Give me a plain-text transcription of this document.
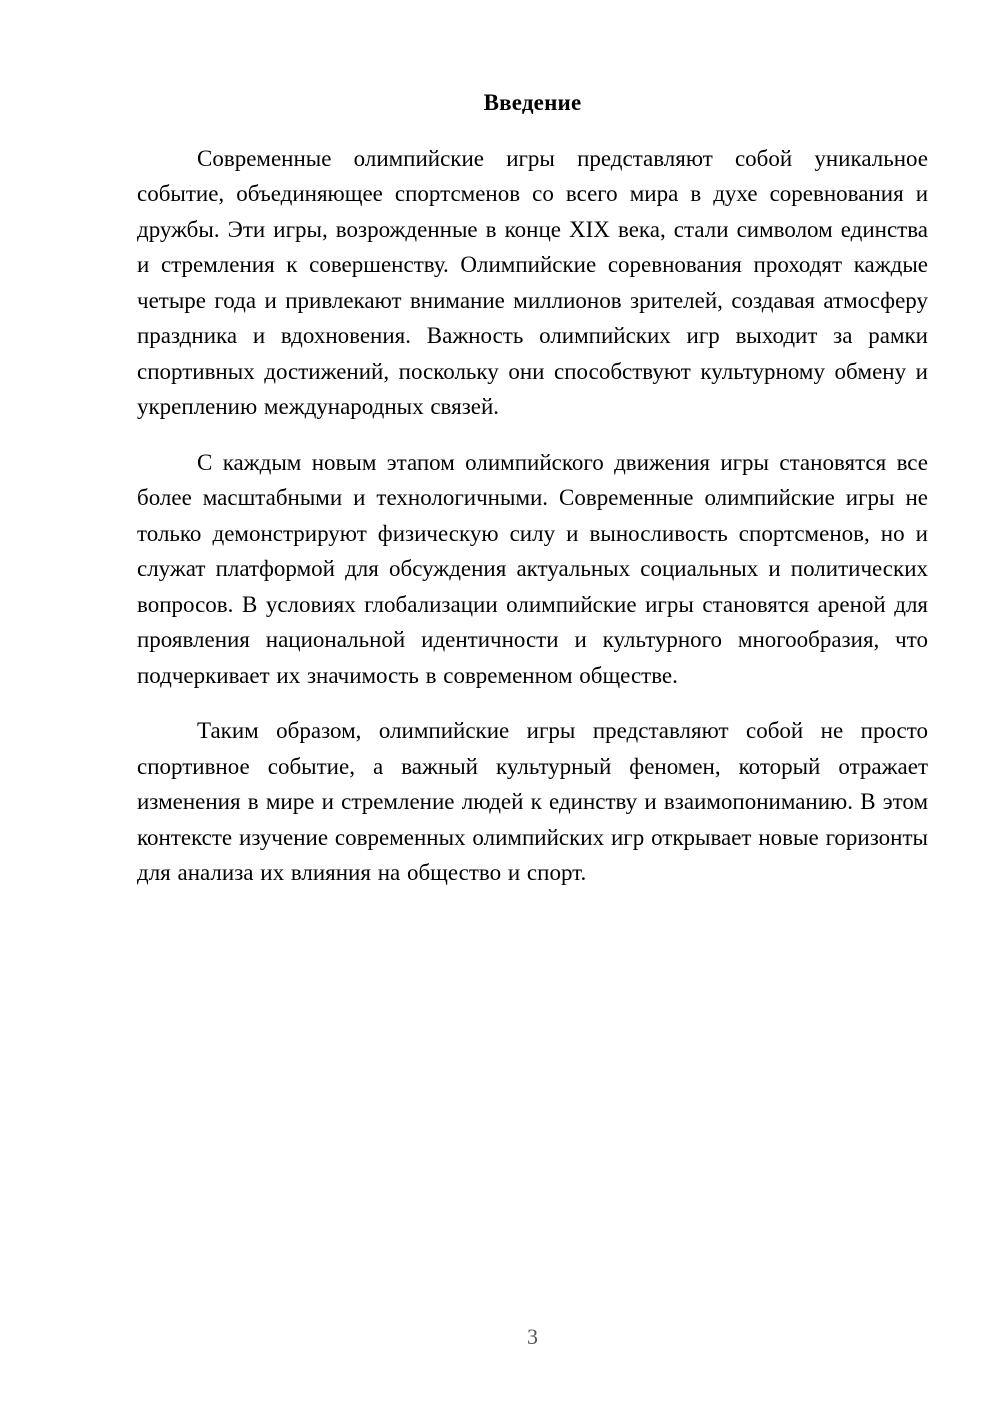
Введение

Современные олимпийские игры представляют собой уникальное событие, объединяющее спортсменов со всего мира в духе соревнования и дружбы. Эти игры, возрожденные в конце XIX века, стали символом единства и стремления к совершенству. Олимпийские соревнования проходят каждые четыре года и привлекают внимание миллионов зрителей, создавая атмосферу праздника и вдохновения. Важность олимпийских игр выходит за рамки спортивных достижений, поскольку они способствуют культурному обмену и укреплению международных связей.

С каждым новым этапом олимпийского движения игры становятся все более масштабными и технологичными. Современные олимпийские игры не только демонстрируют физическую силу и выносливость спортсменов, но и служат платформой для обсуждения актуальных социальных и политических вопросов. В условиях глобализации олимпийские игры становятся ареной для проявления национальной идентичности и культурного многообразия, что подчеркивает их значимость в современном обществе.

Таким образом, олимпийские игры представляют собой не просто спортивное событие, а важный культурный феномен, который отражает изменения в мире и стремление людей к единству и взаимопониманию. В этом контексте изучение современных олимпийских игр открывает новые горизонты для анализа их влияния на общество и спорт.

3
